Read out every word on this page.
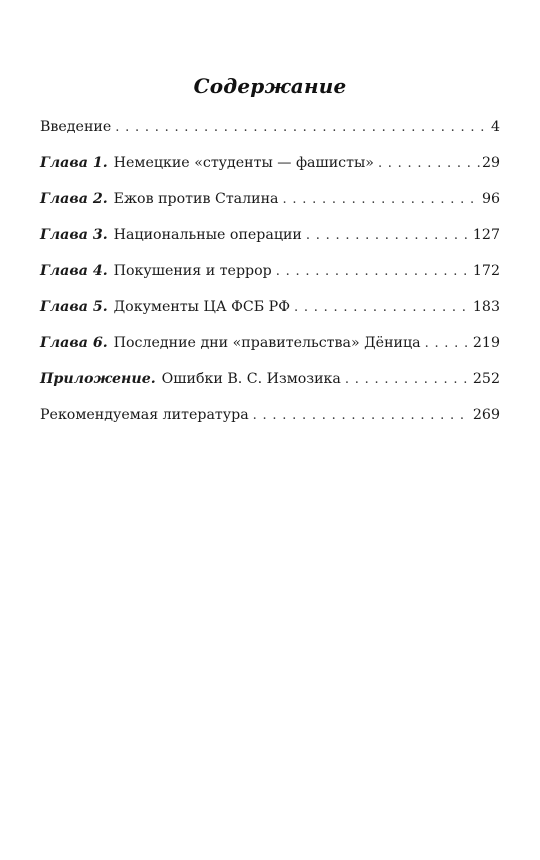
Содержание
Введение . . .	4
Глава 1. Немецкие «студенты — фашисты» . . .	29
Глава 2. Ежов против Сталина . . .	96
Глава 3. Национальные операции . . .	127
Глава 4. Покушения и террор . . .	172
Глава 5. Документы ЦА ФСБ РФ . . .	183
Глава 6. Последние дни «правительства» Дёница . . .	219
Приложение. Ошибки В. С. Измозика . . .	252
Рекомендуемая литература . . .	269
